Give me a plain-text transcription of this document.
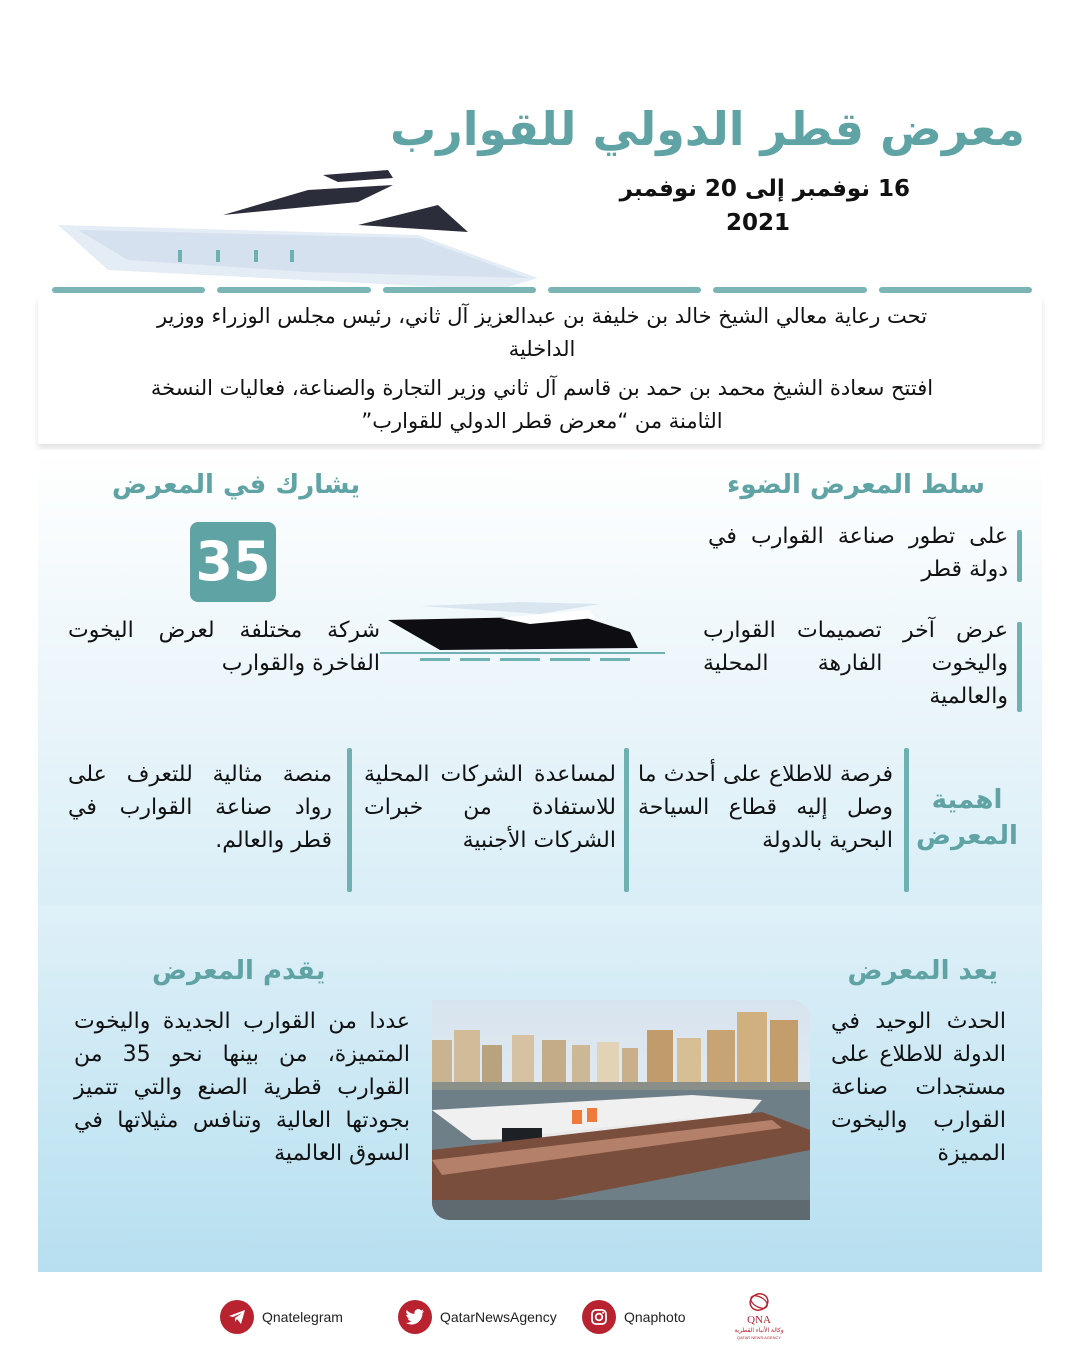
معرض قطر الدولي للقوارب
16 نوفمبر إلى 20 نوفمبر
2021
تحت رعاية معالي الشيخ خالد بن خليفة بن عبدالعزيز آل ثاني، رئيس مجلس الوزراء ووزير الداخلية
افتتح سعادة الشيخ محمد بن حمد بن قاسم آل ثاني وزير التجارة والصناعة، فعاليات النسخة الثامنة من “معرض قطر الدولي للقوارب”
سلط المعرض الضوء
على تطور صناعة القوارب في دولة قطر
عرض آخر تصميمات القوارب واليخوت الفارهة المحلية والعالمية
يشارك في المعرض
35
شركة مختلفة لعرض اليخوت الفاخرة والقوارب
اهمية المعرض
فرصة للاطلاع على أحدث ما وصل إليه قطاع السياحة البحرية بالدولة
لمساعدة الشركات المحلية للاستفادة من خبرات الشركات الأجنبية
منصة مثالية للتعرف على رواد صناعة القوارب في قطر والعالم.
يعد المعرض
الحدث الوحيد في الدولة للاطلاع على مستجدات صناعة القوارب واليخوت المميزة
يقدم المعرض
عددا من القوارب الجديدة واليخوت المتميزة، من بينها نحو 35 من القوارب قطرية الصنع والتي تتميز بجودتها العالية وتنافس مثيلاتها في السوق العالمية
Qnatelegram	QatarNewsAgency	Qnaphoto	QNA
وكالة الأنباء القطرية
QATAR NEWS AGENCY
